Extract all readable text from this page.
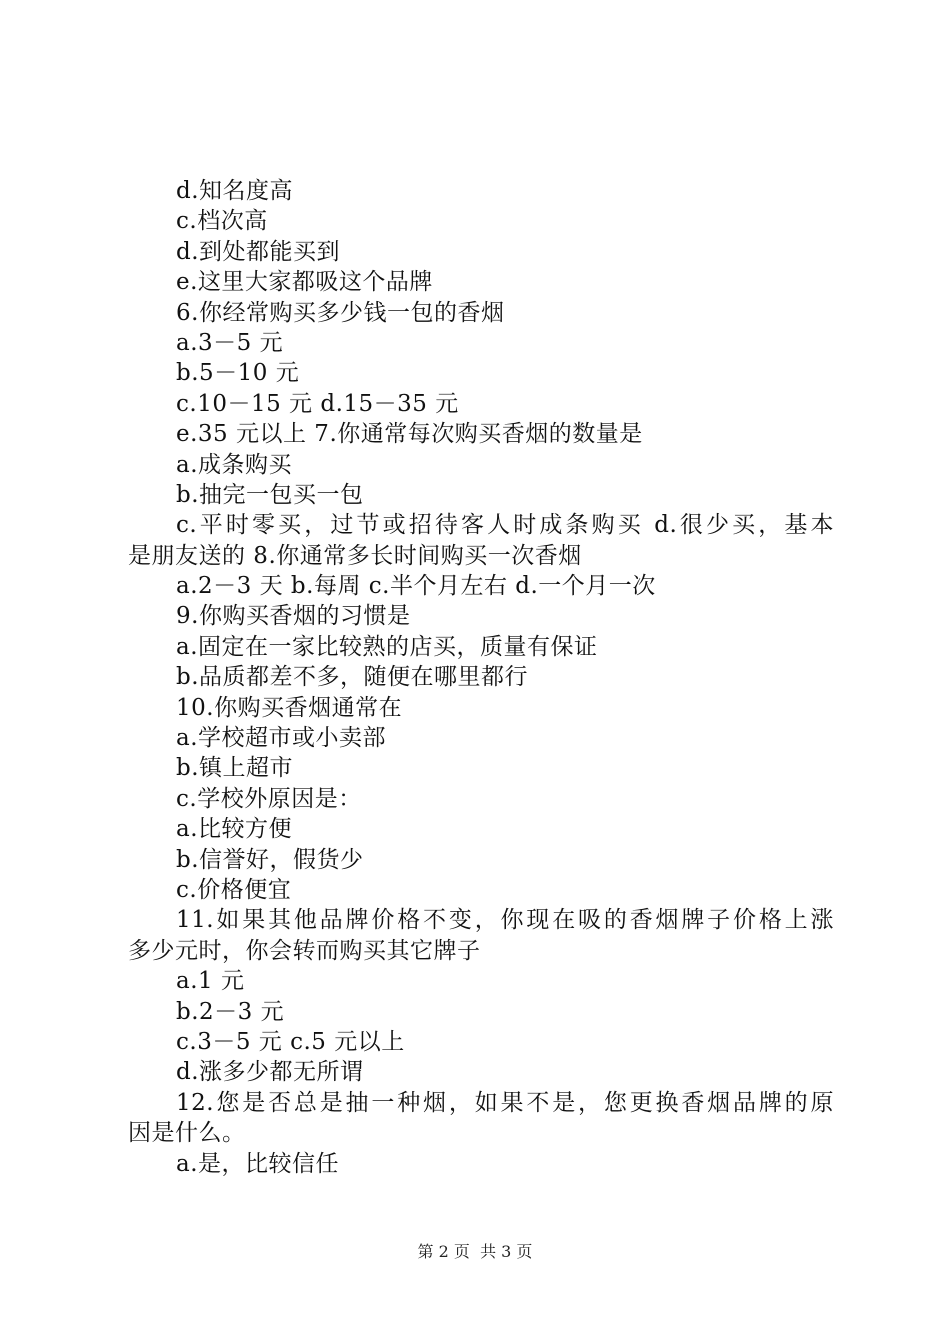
d.知名度高
c.档次高
d.到处都能买到
e.这里大家都吸这个品牌
6.你经常购买多少钱一包的香烟
a.3－5 元
b.5－10 元
c.10－15 元 d.15－35 元
e.35 元以上 7.你通常每次购买香烟的数量是
a.成条购买
b.抽完一包买一包
c.平时零买，过节或招待客人时成条购买 d.很少买，基本
是朋友送的 8.你通常多长时间购买一次香烟
a.2－3 天 b.每周 c.半个月左右 d.一个月一次
9.你购买香烟的习惯是
a.固定在一家比较熟的店买，质量有保证
b.品质都差不多，随便在哪里都行
10.你购买香烟通常在
a.学校超市或小卖部
b.镇上超市
c.学校外原因是：
a.比较方便
b.信誉好，假货少
c.价格便宜
11.如果其他品牌价格不变，你现在吸的香烟牌子价格上涨
多少元时，你会转而购买其它牌子
a.1 元
b.2－3 元
c.3－5 元 c.5 元以上
d.涨多少都无所谓
12.您是否总是抽一种烟，如果不是，您更换香烟品牌的原
因是什么。
a.是，比较信任
第 2 页  共 3 页
